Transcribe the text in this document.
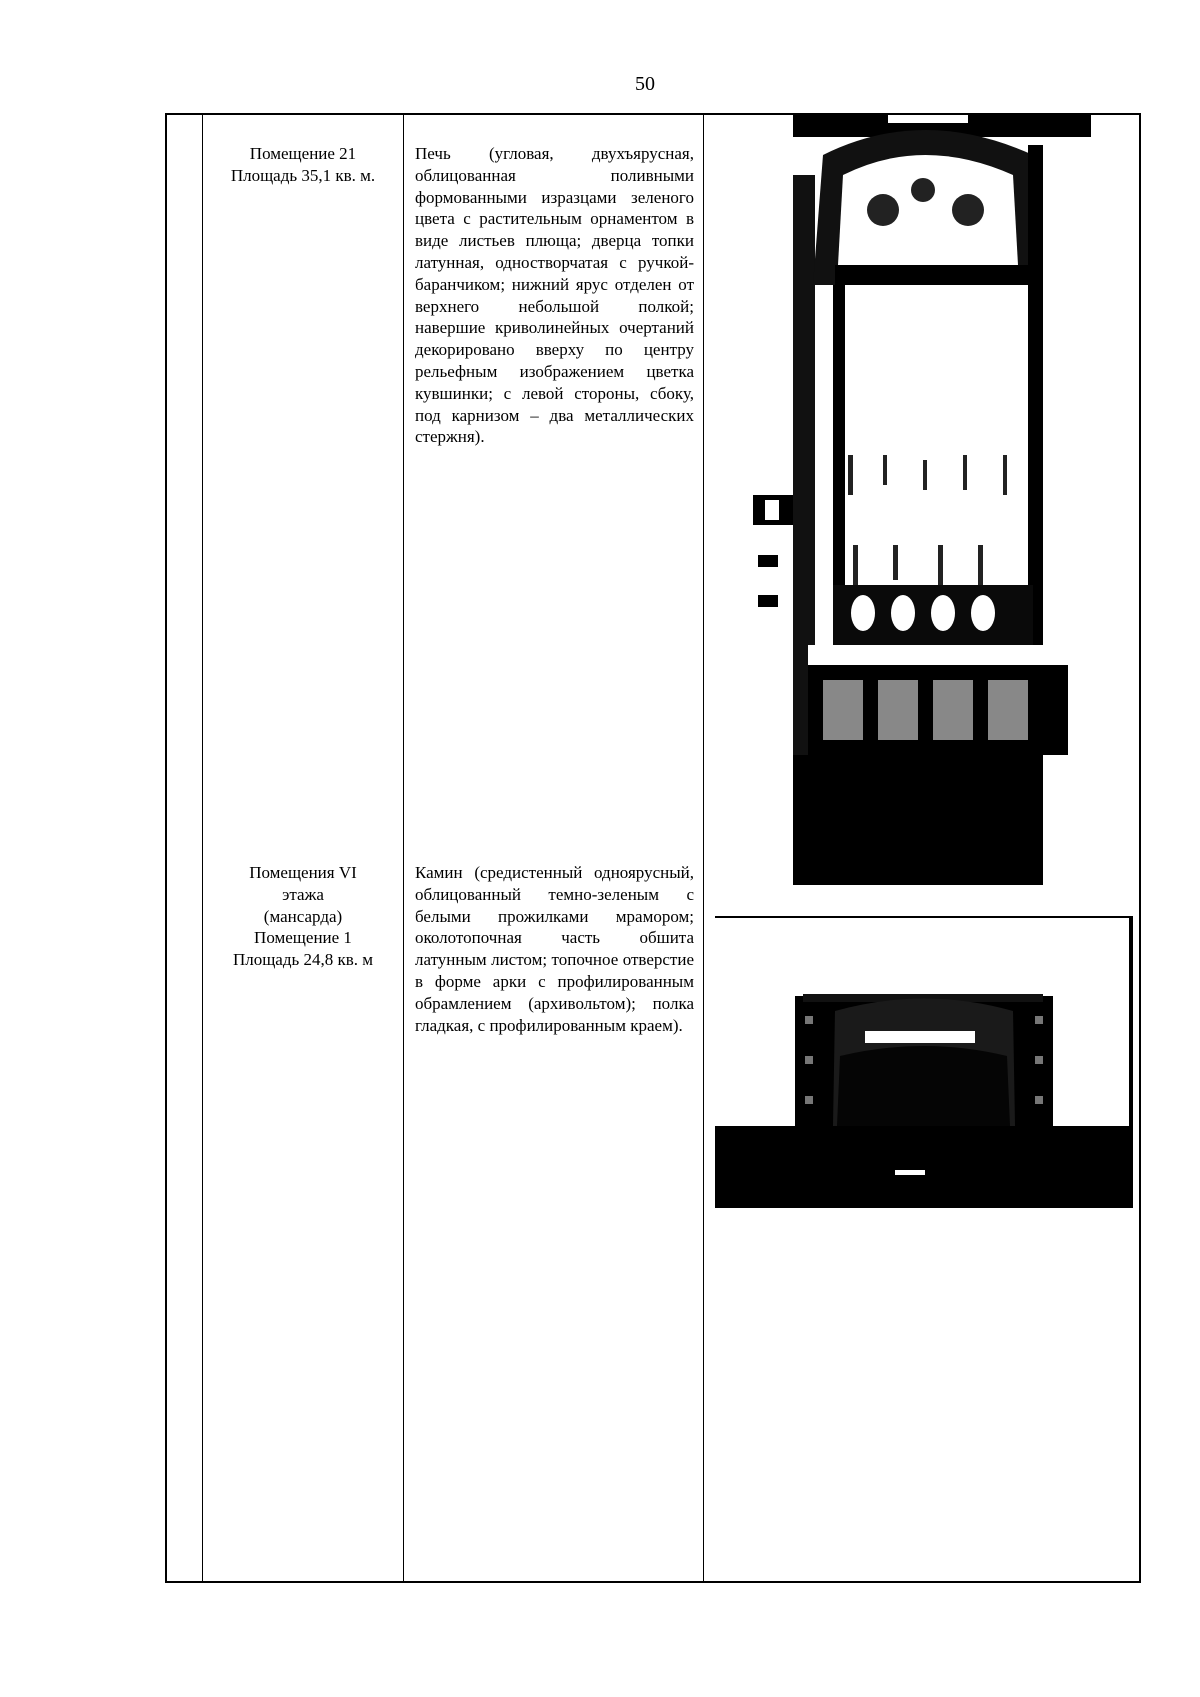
50
Помещение 21
Площадь 35,1 кв. м.
Печь (угловая, двухъярусная, облицованная поливными формованными изразцами зеленого цвета с растительным орнаментом в виде листьев плюща; дверца топки латунная, одностворчатая с ручкой-баранчиком; нижний ярус отделен от верхнего небольшой полкой; навершие криволинейных очертаний декорировано вверху по центру рельефным изображением цветка кувшинки; с левой стороны, сбоку, под карнизом – два металлических стержня).
Помещения VI
этажа
(мансарда)
Помещение 1
Площадь 24,8 кв. м
Камин (средистенный одноярусный, облицованный темно-зеленым с белыми прожилками мрамором; околотопочная часть обшита латунным листом; топочное отверстие в форме арки с профилированным обрамлением (архивольтом); полка гладкая, с профилированным краем).
